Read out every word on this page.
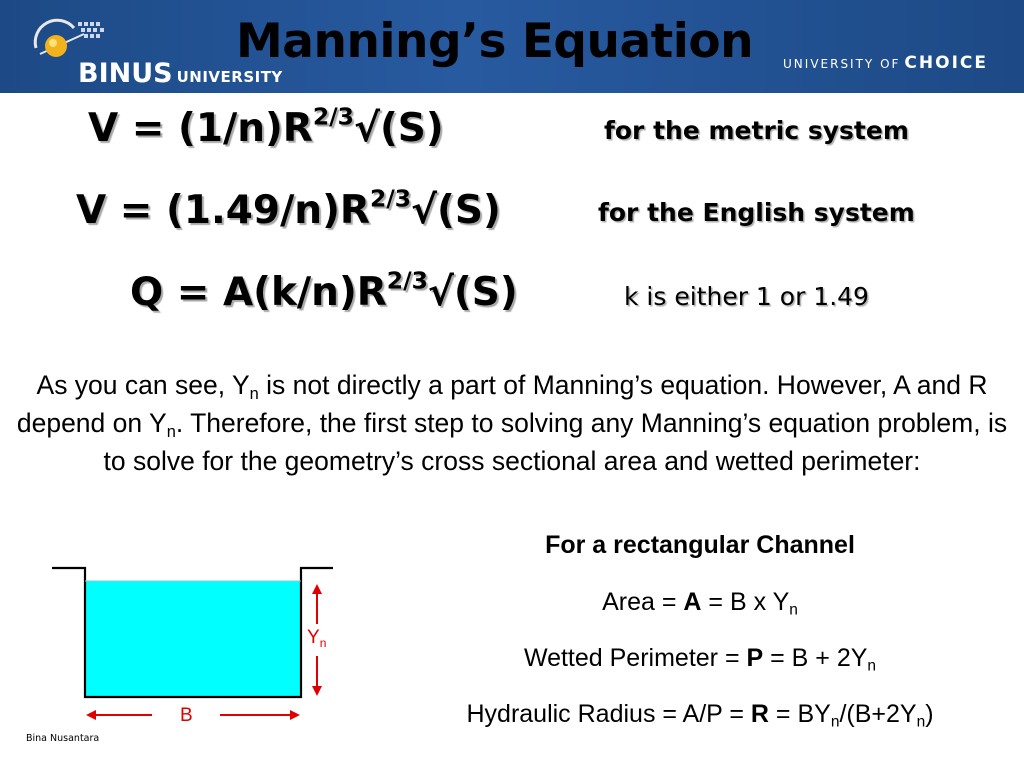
BINUS UNIVERSITY
UNIVERSITY OF CHOICE
Manning’s Equation
$V = (1/n)R^{2/3}√(S)$	for the metric system
$V = (1.49/n)R^{2/3}√(S)$	for the English system
$Q = A(k/n)R^{2/3}√(S)$	k is either 1 or 1.49
As you can see, $Y_n$ is not directly a part of Manning’s equation. However, A and R depend on $Y_n$. Therefore, the first step to solving any Manning’s equation problem, is to solve for the geometry’s cross sectional area and wetted perimeter:
For a rectangular Channel
Area = A = B x $Y_n$
Wetted Perimeter = $P = B + 2Y_n$
Hydraulic Radius = $A/P = R = BY_n/(B+2Y_n)$
$Y_n$
B
Bina Nusantara
